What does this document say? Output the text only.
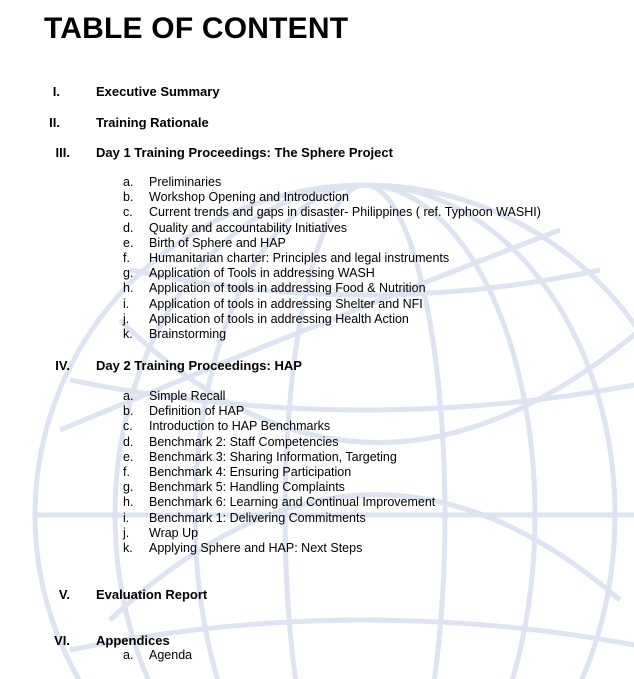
TABLE OF CONTENT
I.	Executive Summary
II.	Training Rationale
III. Day 1 Training Proceedings: The Sphere Project
a. Preliminaries
b. Workshop Opening and Introduction
c. Current trends and gaps in disaster- Philippines ( ref. Typhoon WASHI)
d. Quality and accountability Initiatives
e. Birth of Sphere and HAP
f. Humanitarian charter: Principles and legal instruments
g. Application of Tools in addressing WASH
h. Application of tools in addressing Food & Nutrition
i. Application of tools in addressing Shelter and NFI
j. Application of tools in addressing Health Action
k. Brainstorming
IV. Day 2 Training Proceedings: HAP
a. Simple Recall
b. Definition of HAP
c. Introduction to HAP Benchmarks
d. Benchmark 2: Staff Competencies
e. Benchmark 3: Sharing Information, Targeting
f. Benchmark 4: Ensuring Participation
g. Benchmark 5: Handling Complaints
h. Benchmark 6: Learning and Continual Improvement
i. Benchmark 1: Delivering Commitments
j. Wrap Up
k. Applying Sphere and HAP: Next Steps
V. Evaluation Report
VI. Appendices
a. Agenda
